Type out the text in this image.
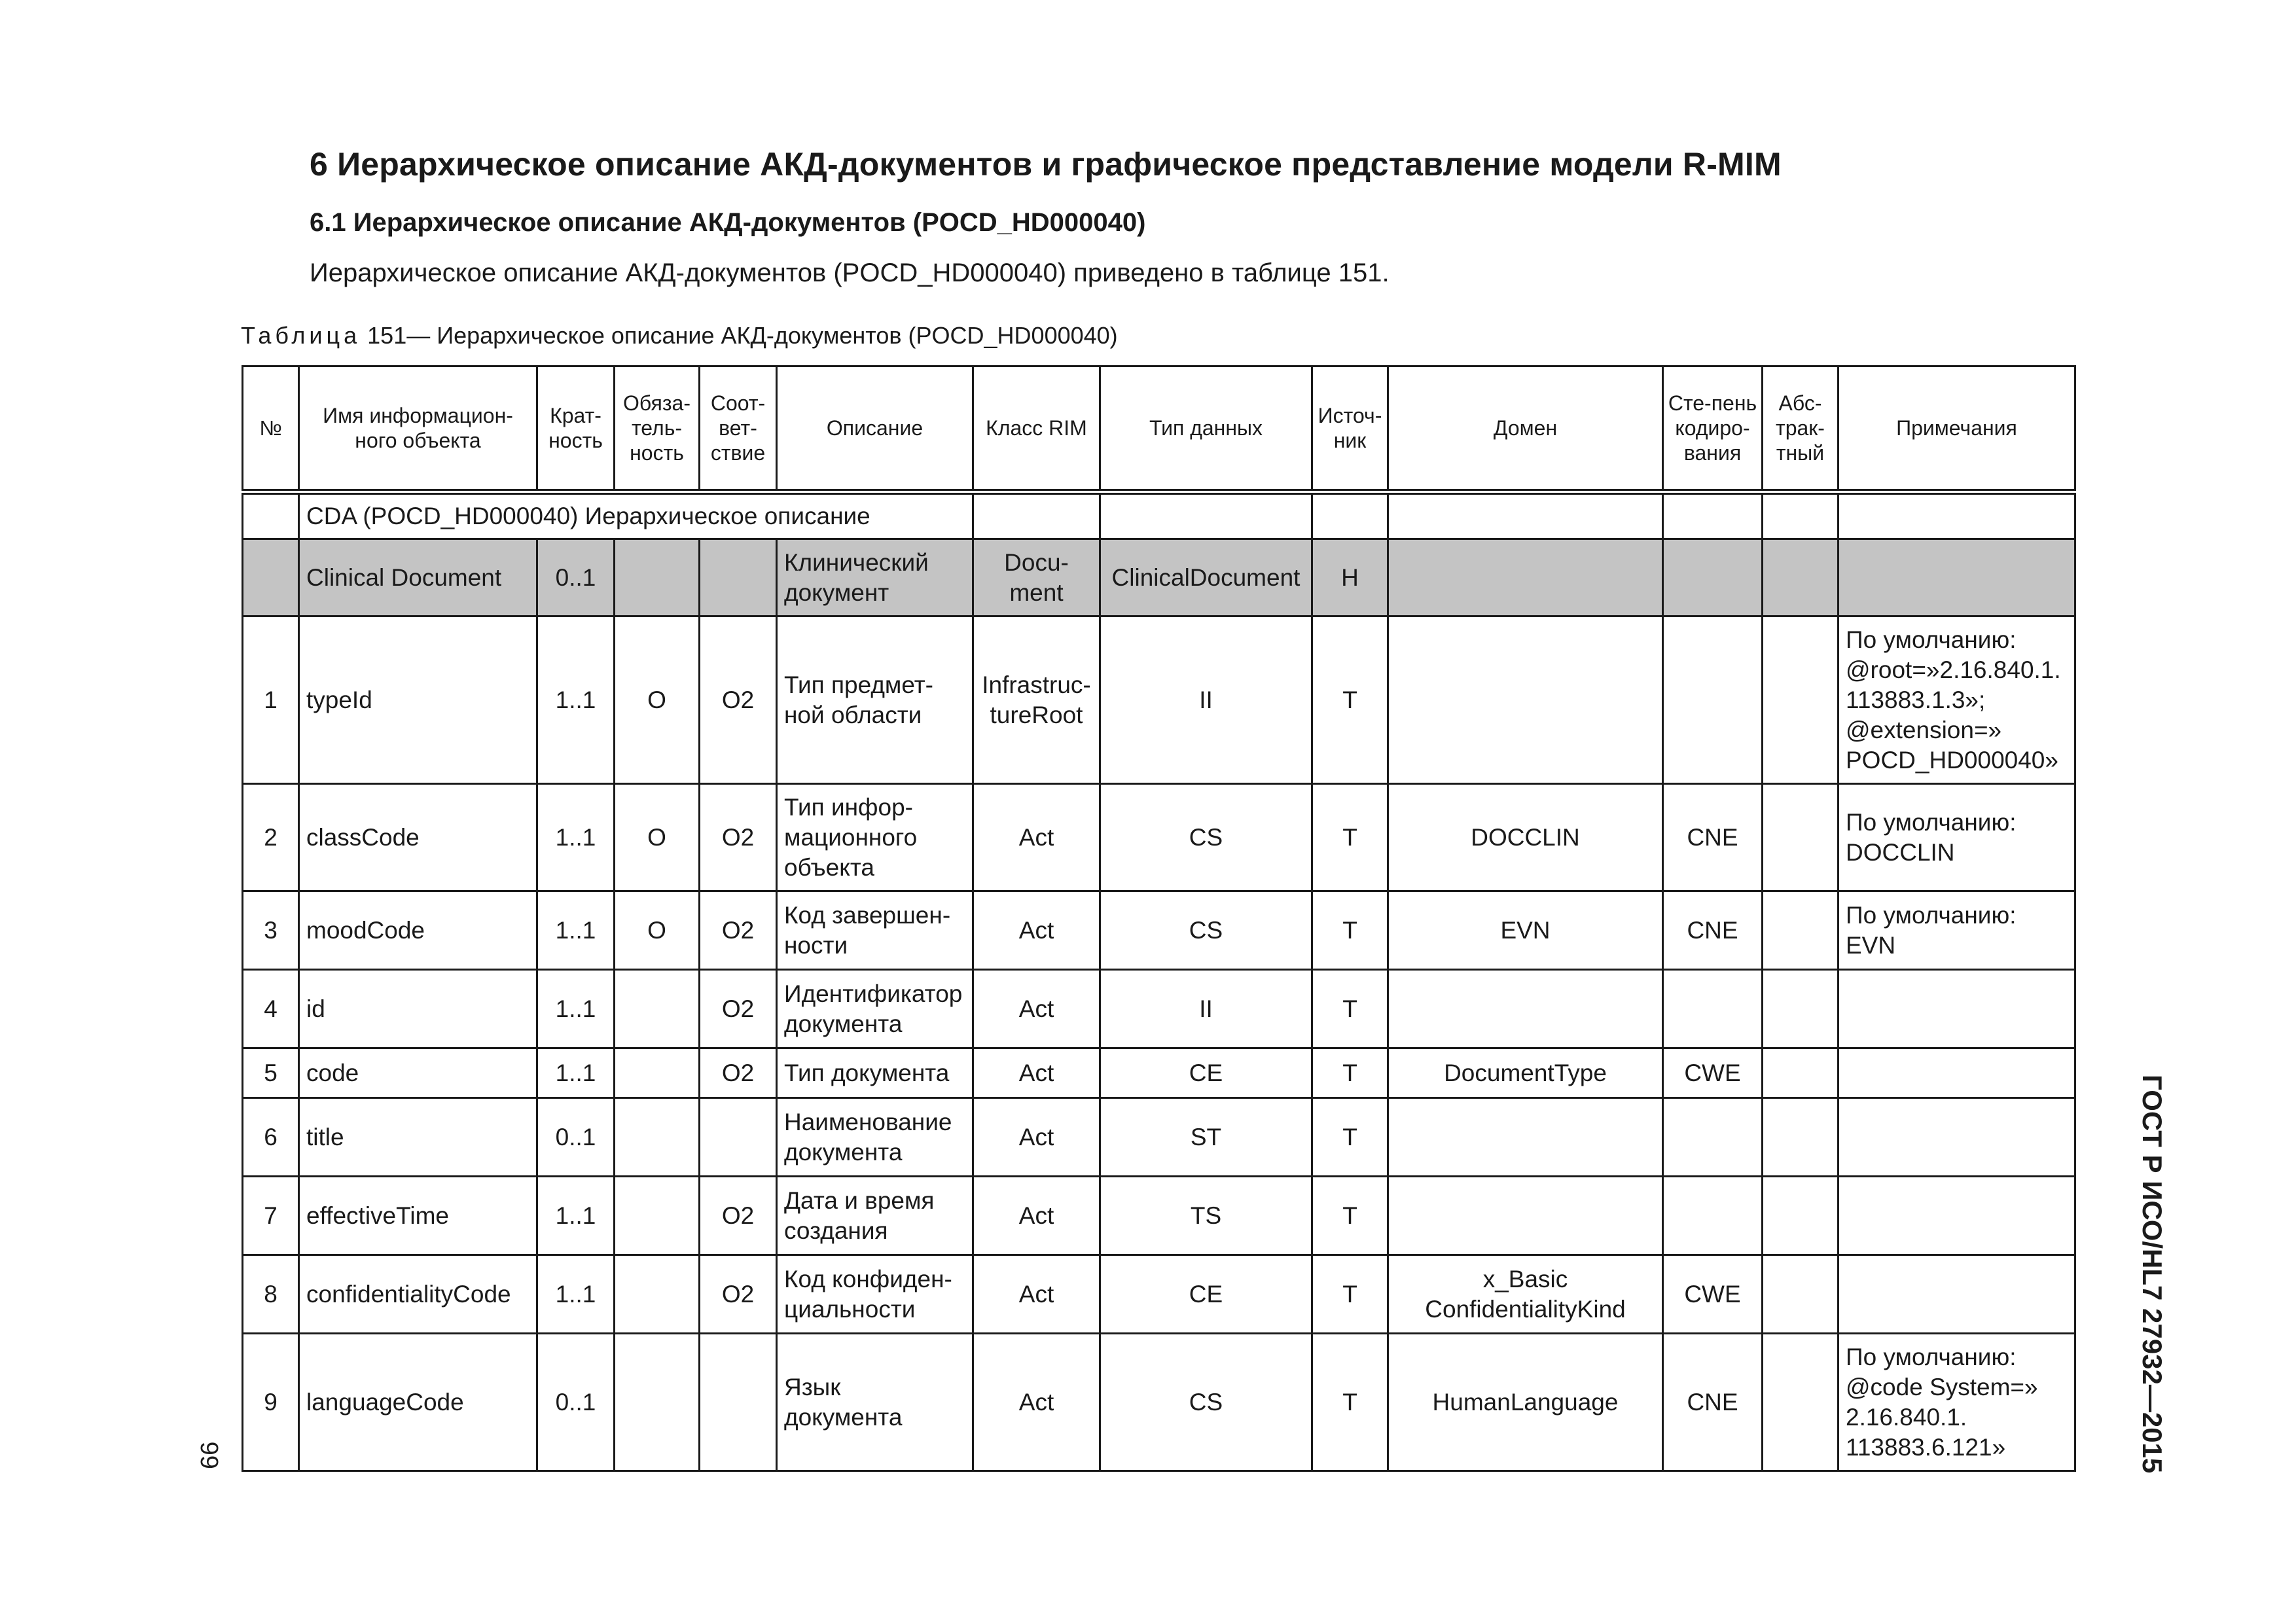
6 Иерархическое описание АКД-документов и графическое представление модели R-MIM
6.1 Иерархическое описание АКД-документов (POCD_HD000040)

Иерархическое описание АКД-документов (POCD_HD000040) приведено в таблице 151.

Таблица 151— Иерархическое описание АКД-документов (POCD_HD000040)

№	Имя информацион-ного объекта	Крат-ность	Обяза-тель-ность	Соот-вет-ствие	Описание	Класс RIM	Тип данных	Источ-ник	Домен	Сте-пень кодиро-вания	Абс-трак-тный	Примечания
	CDA (POCD_HD000040) Иерархическое описание											
	Clinical Document	0..1			Клинический документ	Docu-ment	ClinicalDocument	H				
1	typeId	1..1	O	O2	Тип предмет-ной области	Infrastruc-tureRoot	II	T				По умолчанию: @root=»2.16.840.1. 113883.1.3»; @extension=» POCD_HD000040»
2	classCode	1..1	O	O2	Тип инфор-мационного объекта	Act	CS	T	DOCCLIN	CNE		По умолчанию: DOCCLIN
3	moodCode	1..1	O	O2	Код завершен-ности	Act	CS	T	EVN	CNE		По умолчанию: EVN
4	id	1..1		O2	Идентификатор документа	Act	II	T				
5	code	1..1		O2	Тип документа	Act	CE	T	DocumentType	CWE		
6	title	0..1			Наименование документа	Act	ST	T				
7	effectiveTime	1..1		O2	Дата и время создания	Act	TS	T				
8	confidentialityCode	1..1		O2	Код конфиден-циальности	Act	CE	T	x_Basic ConfidentialityKind	CWE		
9	languageCode	0..1			Язык документа	Act	CS	T	HumanLanguage	CNE		По умолчанию: @code System=» 2.16.840.1. 113883.6.121»	ГОСТ Р ИСО/HL7 27932—2015
66
